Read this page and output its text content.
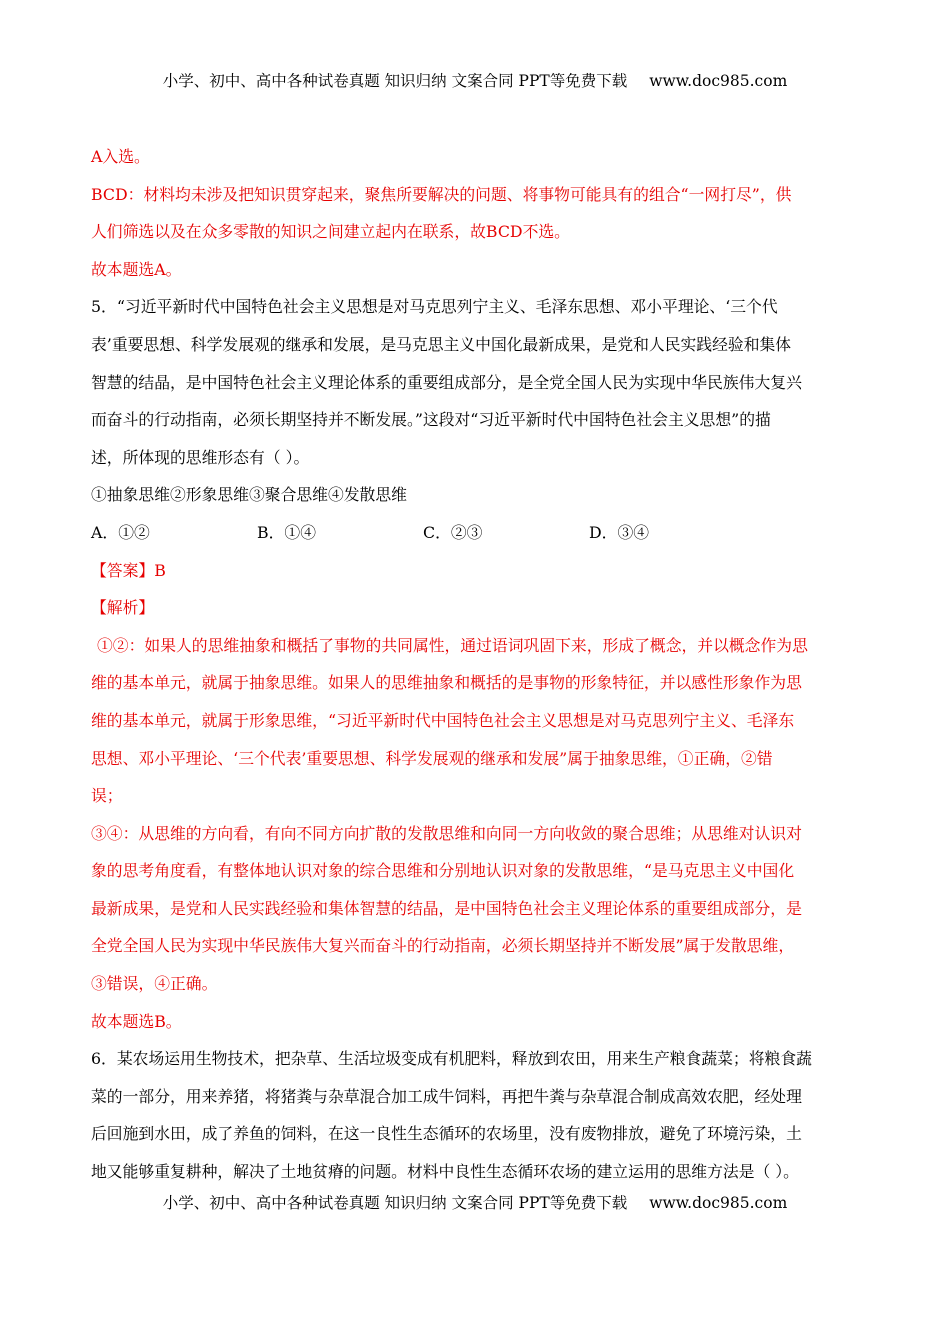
小学、初中、高中各种试卷真题 知识归纳 文案合同 PPT等免费下载 www.doc985.com
A入选。
BCD：材料均未涉及把知识贯穿起来，聚焦所要解决的问题、将事物可能具有的组合“一网打尽”，供
人们筛选以及在众多零散的知识之间建立起内在联系，故BCD不选。
故本题选A。
5．“习近平新时代中国特色社会主义思想是对马克思列宁主义、毛泽东思想、邓小平理论、‘三个代
表’重要思想、科学发展观的继承和发展，是马克思主义中国化最新成果，是党和人民实践经验和集体
智慧的结晶，是中国特色社会主义理论体系的重要组成部分，是全党全国人民为实现中华民族伟大复兴
而奋斗的行动指南，必须长期坚持并不断发展。”这段对“习近平新时代中国特色社会主义思想”的描
述，所体现的思维形态有（ ）。
①抽象思维②形象思维③聚合思维④发散思维
A．①②	B．①④	C．②③	D．③④
【答案】B
【解析】
①②：如果人的思维抽象和概括了事物的共同属性，通过语词巩固下来，形成了概念，并以概念作为思
维的基本单元，就属于抽象思维。如果人的思维抽象和概括的是事物的形象特征，并以感性形象作为思
维的基本单元，就属于形象思维，“习近平新时代中国特色社会主义思想是对马克思列宁主义、毛泽东
思想、邓小平理论、‘三个代表’重要思想、科学发展观的继承和发展”属于抽象思维，①正确，②错
误；
③④：从思维的方向看，有向不同方向扩散的发散思维和向同一方向收敛的聚合思维；从思维对认识对
象的思考角度看，有整体地认识对象的综合思维和分别地认识对象的发散思维，“是马克思主义中国化
最新成果，是党和人民实践经验和集体智慧的结晶，是中国特色社会主义理论体系的重要组成部分，是
全党全国人民为实现中华民族伟大复兴而奋斗的行动指南，必须长期坚持并不断发展”属于发散思维，
③错误，④正确。
故本题选B。
6．某农场运用生物技术，把杂草、生活垃圾变成有机肥料，释放到农田，用来生产粮食蔬菜；将粮食蔬
菜的一部分，用来养猪，将猪粪与杂草混合加工成牛饲料，再把牛粪与杂草混合制成高效农肥，经处理
后回施到水田，成了养鱼的饲料，在这一良性生态循环的农场里，没有废物排放，避免了环境污染，土
地又能够重复耕种，解决了土地贫瘠的问题。材料中良性生态循环农场的建立运用的思维方法是（ ）。
小学、初中、高中各种试卷真题 知识归纳 文案合同 PPT等免费下载 www.doc985.com
